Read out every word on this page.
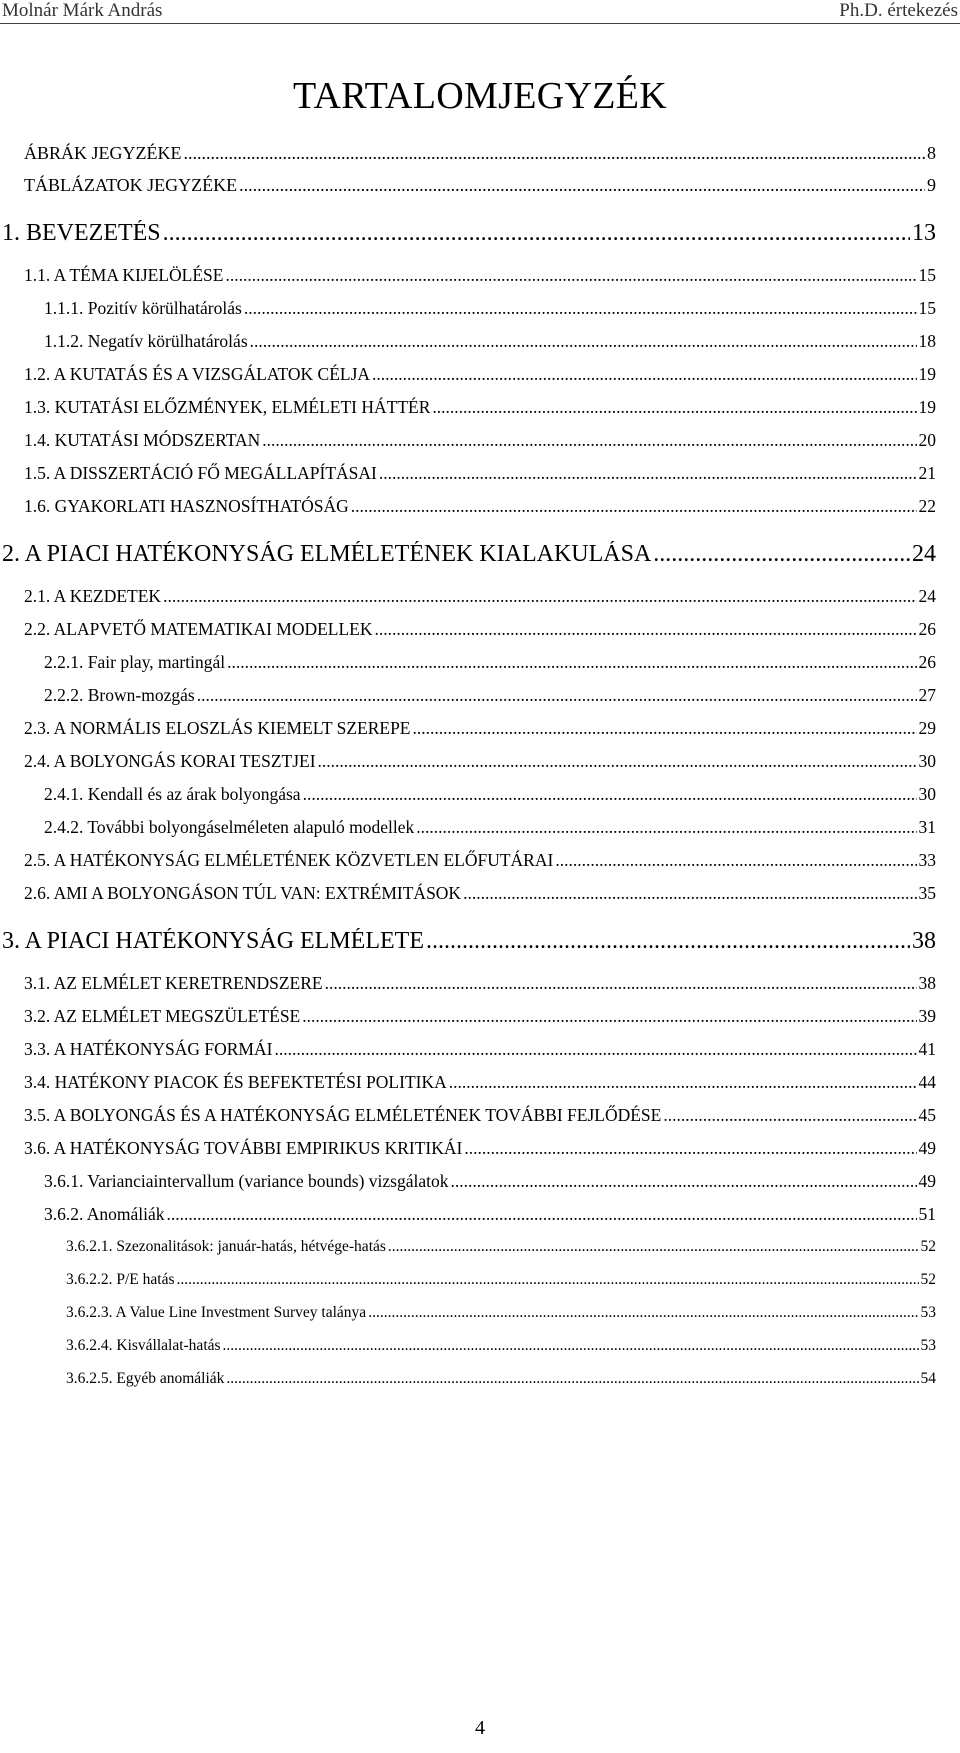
Molnár Márk András	Ph.D. értekezés
TARTALOMJEGYZÉK
ÁBRÁK JEGYZÉKE .....	8
TÁBLÁZATOK JEGYZÉKE .....	9
1. BEVEZETÉS .....	13
1.1. A TÉMA KIJELÖLÉSE .....	15
1.1.1. Pozitív körülhatárolás .....	15
1.1.2. Negatív körülhatárolás .....	18
1.2. A KUTATÁS ÉS A VIZSGÁLATOK CÉLJA .....	19
1.3. KUTATÁSI ELŐZMÉNYEK, ELMÉLETI HÁTTÉR .....	19
1.4. KUTATÁSI MÓDSZERTAN .....	20
1.5. A DISSZERTÁCIÓ FŐ MEGÁLLAPÍTÁSAI .....	21
1.6. GYAKORLATI HASZNOSÍTHATÓSÁG .....	22
2. A PIACI HATÉKONYSÁG ELMÉLETÉNEK KIALAKULÁSA .....	24
2.1. A KEZDETEK .....	24
2.2. ALAPVETŐ MATEMATIKAI MODELLEK .....	26
2.2.1. Fair play, martingál .....	26
2.2.2. Brown-mozgás .....	27
2.3. A NORMÁLIS ELOSZLÁS KIEMELT SZEREPE .....	29
2.4. A BOLYONGÁS KORAI TESZTJEI .....	30
2.4.1. Kendall és az árak bolyongása .....	30
2.4.2. További bolyongáselméleten alapuló modellek .....	31
2.5. A HATÉKONYSÁG ELMÉLETÉNEK KÖZVETLEN ELŐFUTÁRAI .....	33
2.6. AMI A BOLYONGÁSON TÚL VAN: EXTRÉMITÁSOK .....	35
3. A PIACI HATÉKONYSÁG ELMÉLETE .....	38
3.1. AZ ELMÉLET KERETRENDSZERE .....	38
3.2. AZ ELMÉLET MEGSZÜLETÉSE .....	39
3.3. A HATÉKONYSÁG FORMÁI .....	41
3.4. HATÉKONY PIACOK ÉS BEFEKTETÉSI POLITIKA .....	44
3.5. A BOLYONGÁS ÉS A HATÉKONYSÁG ELMÉLETÉNEK TOVÁBBI FEJLŐDÉSE .....	45
3.6. A HATÉKONYSÁG TOVÁBBI EMPIRIKUS KRITIKÁI .....	49
3.6.1. Varianciaintervallum (variance bounds) vizsgálatok .....	49
3.6.2. Anomáliák .....	51
3.6.2.1. Szezonalitások: január-hatás, hétvége-hatás .....	52
3.6.2.2. P/E hatás .....	52
3.6.2.3. A Value Line Investment Survey talánya .....	53
3.6.2.4. Kisvállalat-hatás .....	53
3.6.2.5. Egyéb anomáliák .....	54
4
